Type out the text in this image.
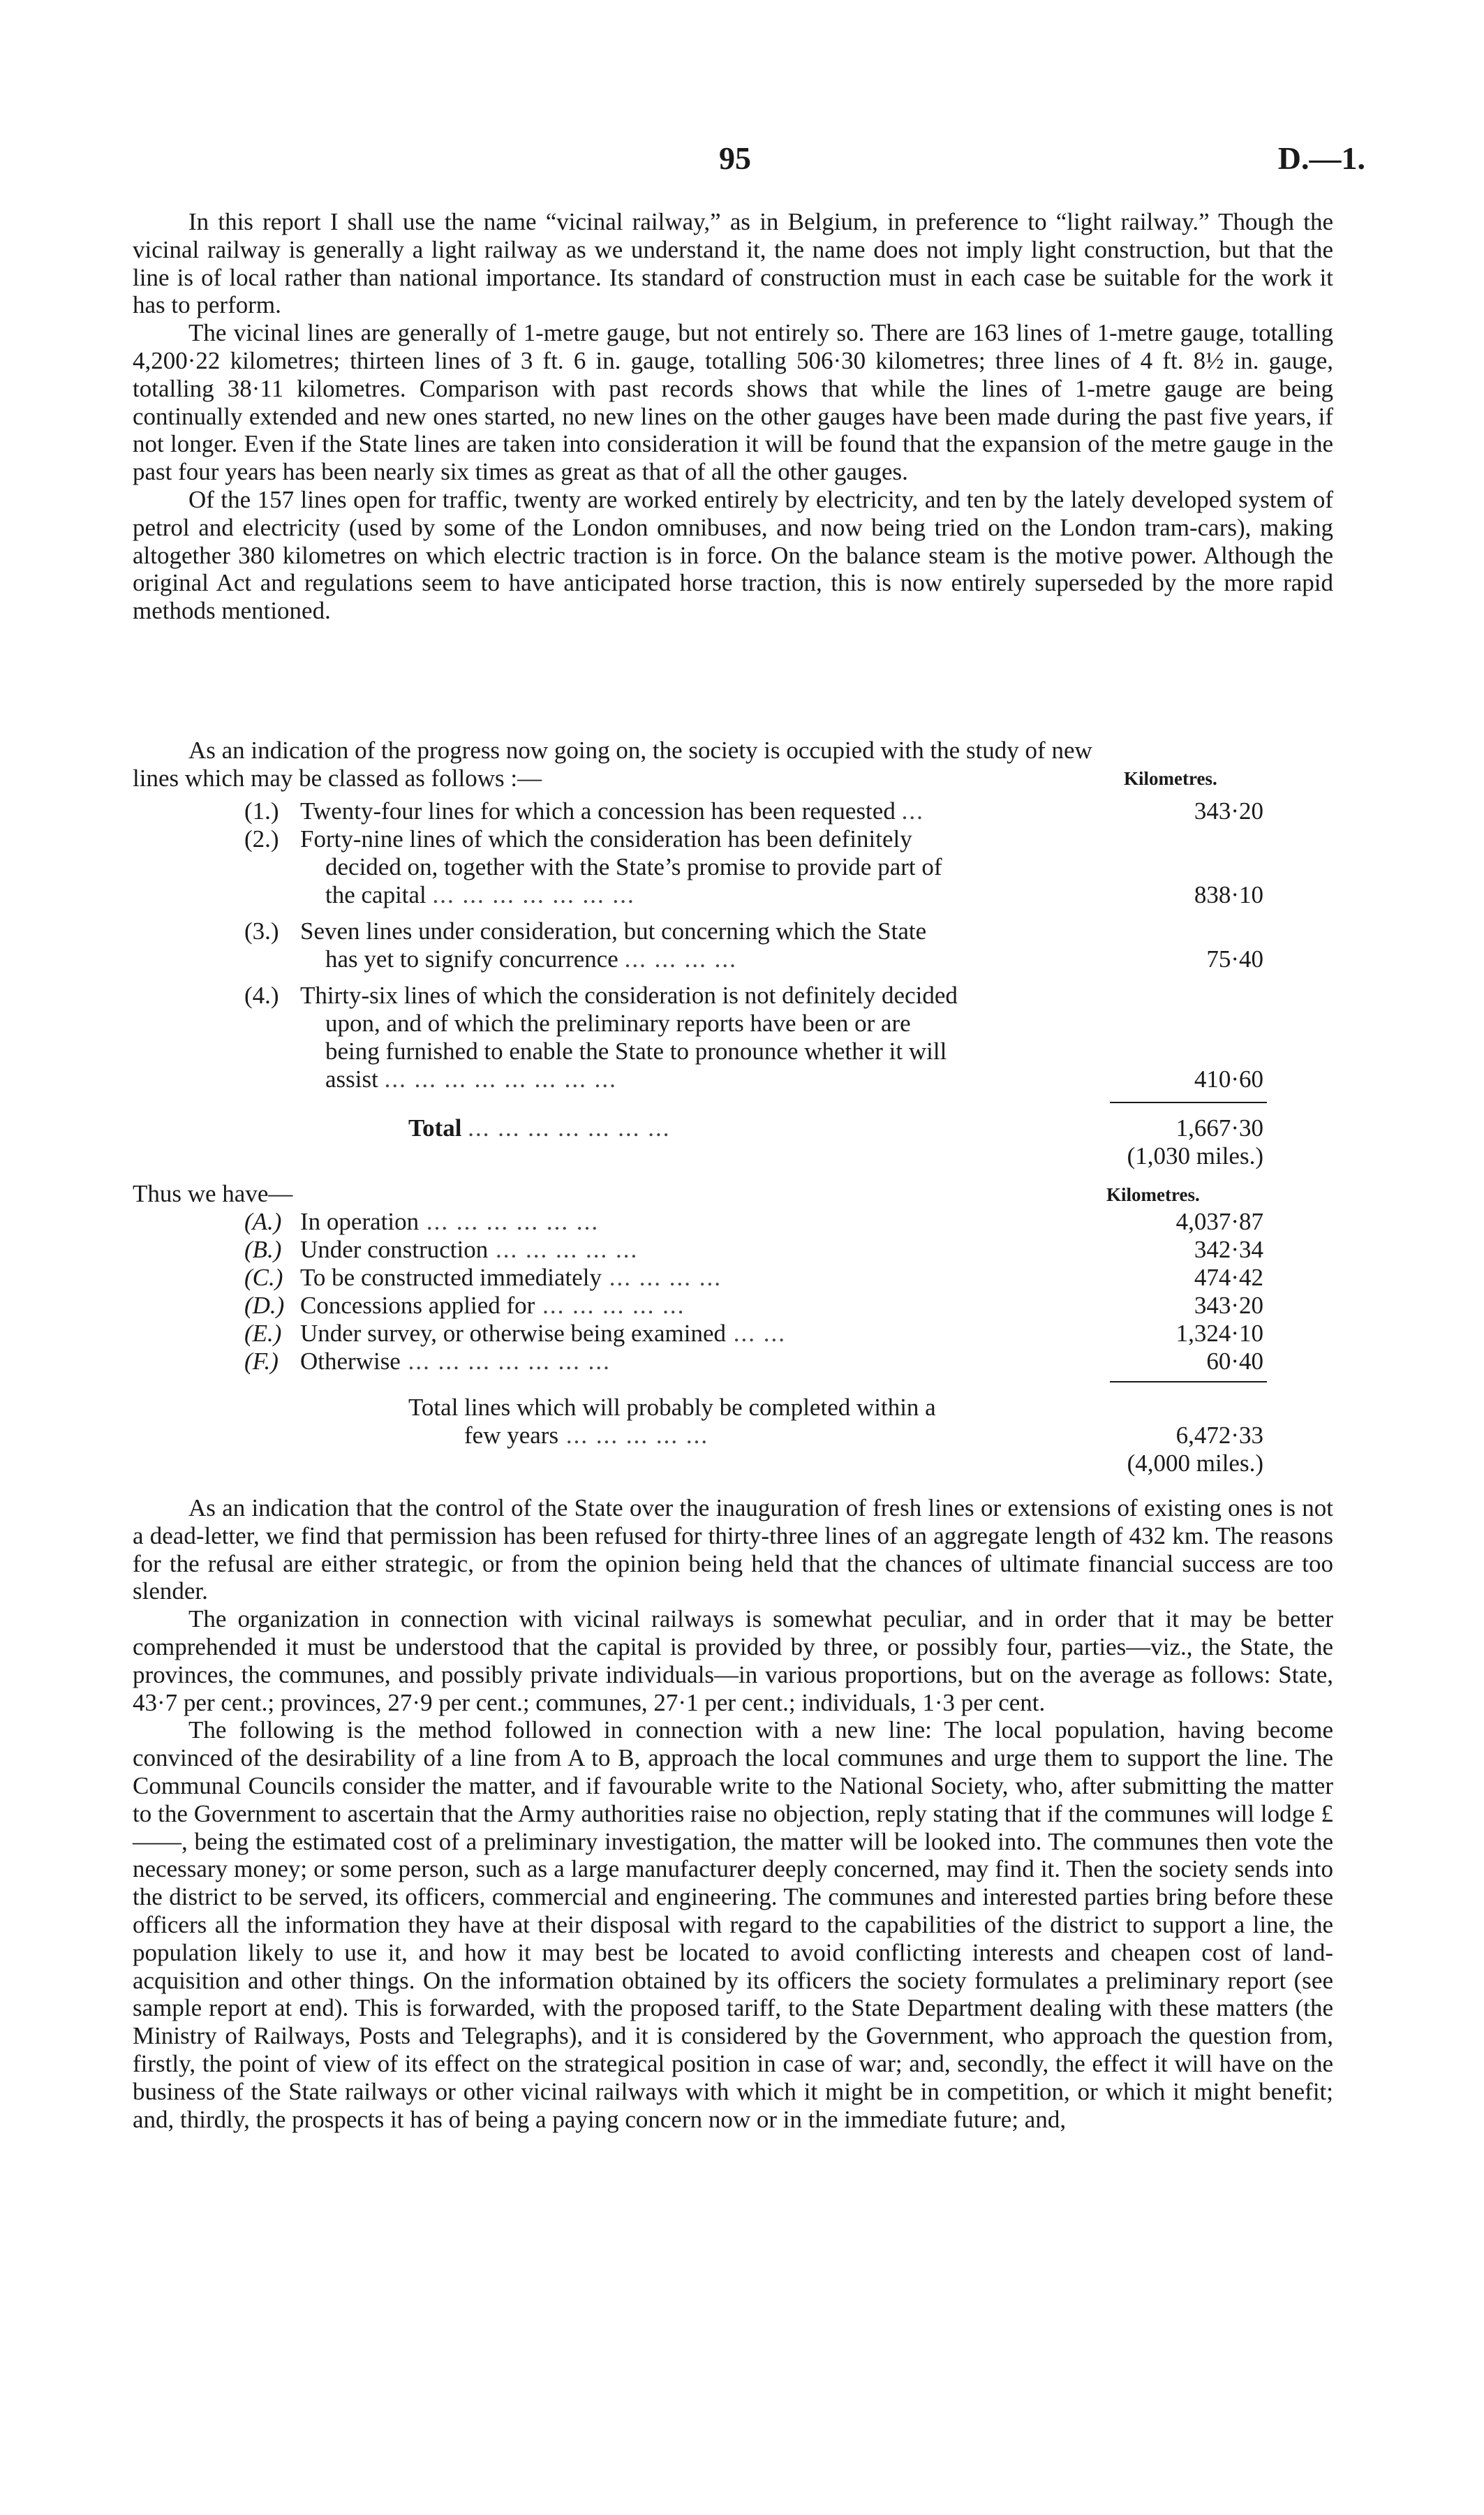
95	D.—1.

In this report I shall use the name “vicinal railway,” as in Belgium, in preference to “light railway.” Though the vicinal railway is generally a light railway as we understand it, the name does not imply light construction, but that the line is of local rather than national importance. Its standard of construction must in each case be suitable for the work it has to perform.

The vicinal lines are generally of 1-metre gauge, but not entirely so. There are 163 lines of 1-metre gauge, totalling 4,200·22 kilometres; thirteen lines of 3 ft. 6 in. gauge, totalling 506·30 kilometres; three lines of 4 ft. 8½ in. gauge, totalling 38·11 kilometres. Comparison with past records shows that while the lines of 1-metre gauge are being continually extended and new ones started, no new lines on the other gauges have been made during the past five years, if not longer. Even if the State lines are taken into consideration it will be found that the expansion of the metre gauge in the past four years has been nearly six times as great as that of all the other gauges.

Of the 157 lines open for traffic, twenty are worked entirely by electricity, and ten by the lately developed system of petrol and electricity (used by some of the London omnibuses, and now being tried on the London tram-cars), making altogether 380 kilometres on which electric traction is in force. On the balance steam is the motive power. Although the original Act and regulations seem to have anticipated horse traction, this is now entirely superseded by the more rapid methods mentioned.

As an indication of the progress now going on, the society is occupied with the study of new
lines which may be classed as follows :—	Kilometres.
(1.) Twenty-four lines for which a concession has been requested ...	343·20
(2.) Forty-nine lines of which the consideration has been definitely
decided on, together with the State’s promise to provide part of
the capital ... ... ... ... ... ... ...	838·10
(3.) Seven lines under consideration, but concerning which the State
has yet to signify concurrence ... ... ... ...	75·40
(4.) Thirty-six lines of which the consideration is not definitely decided
upon, and of which the preliminary reports have been or are
being furnished to enable the State to pronounce whether it will
assist ... ... ... ... ... ... ... ...	410·60
Total ... ... ... ... ... ... ...	1,667·30
(1,030 miles.)
Thus we have—	Kilometres.
(A.) In operation ... ... ... ... ... ...	4,037·87
(B.) Under construction ... ... ... ... ...	342·34
(C.) To be constructed immediately ... ... ... ...	474·42
(D.) Concessions applied for ... ... ... ... ...	343·20
(E.) Under survey, or otherwise being examined ... ...	1,324·10
(F.) Otherwise ... ... ... ... ... ... ...	60·40
Total lines which will probably be completed within a
few years ... ... ... ... ...	6,472·33
(4,000 miles.)

As an indication that the control of the State over the inauguration of fresh lines or extensions of existing ones is not a dead-letter, we find that permission has been refused for thirty-three lines of an aggregate length of 432 km. The reasons for the refusal are either strategic, or from the opinion being held that the chances of ultimate financial success are too slender.

The organization in connection with vicinal railways is somewhat peculiar, and in order that it may be better comprehended it must be understood that the capital is provided by three, or possibly four, parties—viz., the State, the provinces, the communes, and possibly private individuals—in various proportions, but on the average as follows: State, 43·7 per cent.; provinces, 27·9 per cent.; communes, 27·1 per cent.; individuals, 1·3 per cent.

The following is the method followed in connection with a new line: The local population, having become convinced of the desirability of a line from A to B, approach the local communes and urge them to support the line. The Communal Councils consider the matter, and if favourable write to the National Society, who, after submitting the matter to the Government to ascertain that the Army authorities raise no objection, reply stating that if the communes will lodge £——, being the estimated cost of a preliminary investigation, the matter will be looked into. The communes then vote the necessary money; or some person, such as a large manufacturer deeply concerned, may find it. Then the society sends into the district to be served, its officers, commercial and engineering. The communes and interested parties bring before these officers all the information they have at their disposal with regard to the capabilities of the district to support a line, the population likely to use it, and how it may best be located to avoid conflicting interests and cheapen cost of land-acquisition and other things. On the information obtained by its officers the society formulates a preliminary report (see sample report at end). This is forwarded, with the proposed tariff, to the State Department dealing with these matters (the Ministry of Railways, Posts and Telegraphs), and it is considered by the Government, who approach the question from, firstly, the point of view of its effect on the strategical position in case of war; and, secondly, the effect it will have on the business of the State railways or other vicinal railways with which it might be in competition, or which it might benefit; and, thirdly, the prospects it has of being a paying concern now or in the immediate future; and,
